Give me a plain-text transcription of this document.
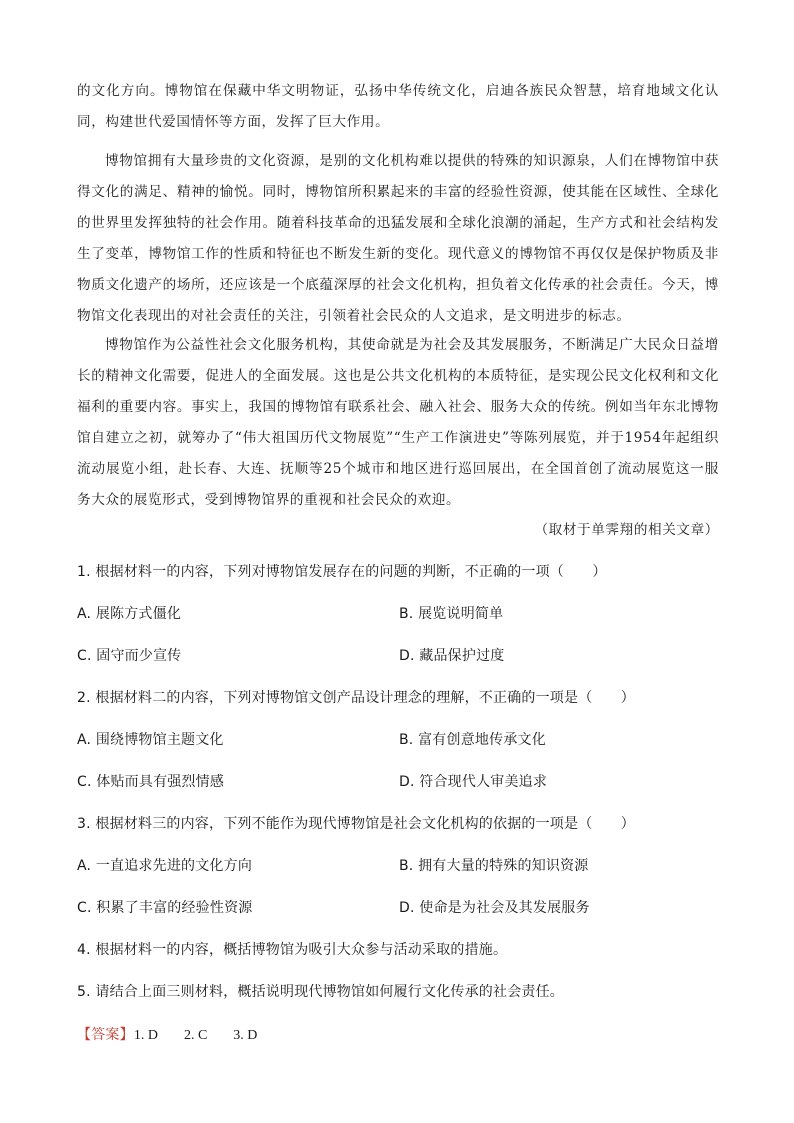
的文化方向。博物馆在保藏中华文明物证，弘扬中华传统文化，启迪各族民众智慧，培育地域文化认同，构建世代爱国情怀等方面，发挥了巨大作用。

博物馆拥有大量珍贵的文化资源，是别的文化机构难以提供的特殊的知识源泉，人们在博物馆中获得文化的满足、精神的愉悦。同时，博物馆所积累起来的丰富的经验性资源，使其能在区域性、全球化的世界里发挥独特的社会作用。随着科技革命的迅猛发展和全球化浪潮的涌起，生产方式和社会结构发生了变革，博物馆工作的性质和特征也不断发生新的变化。现代意义的博物馆不再仅仅是保护物质及非物质文化遗产的场所，还应该是一个底蕴深厚的社会文化机构，担负着文化传承的社会责任。今天，博物馆文化表现出的对社会责任的关注，引领着社会民众的人文追求，是文明进步的标志。

博物馆作为公益性社会文化服务机构，其使命就是为社会及其发展服务，不断满足广大民众日益增长的精神文化需要，促进人的全面发展。这也是公共文化机构的本质特征，是实现公民文化权利和文化福利的重要内容。事实上，我国的博物馆有联系社会、融入社会、服务大众的传统。例如当年东北博物馆自建立之初，就筹办了“伟大祖国历代文物展览”“生产工作演进史”等陈列展览，并于1954年起组织流动展览小组，赴长春、大连、抚顺等25个城市和地区进行巡回展出，在全国首创了流动展览这一服务大众的展览形式，受到博物馆界的重视和社会民众的欢迎。

（取材于单霁翔的相关文章）

1. 根据材料一的内容，下列对博物馆发展存在的问题的判断，不正确的一项（　　）

A. 展陈方式僵化	B. 展览说明简单

C. 固守而少宣传	D. 藏品保护过度

2. 根据材料二的内容，下列对博物馆文创产品设计理念的理解，不正确的一项是（　　）

A. 围绕博物馆主题文化	B. 富有创意地传承文化

C. 体贴而具有强烈情感	D. 符合现代人审美追求

3. 根据材料三的内容，下列不能作为现代博物馆是社会文化机构的依据的一项是（　　）

A. 一直追求先进的文化方向	B. 拥有大量的特殊的知识资源

C. 积累了丰富的经验性资源	D. 使命是为社会及其发展服务

4. 根据材料一的内容，概括博物馆为吸引大众参与活动采取的措施。

5. 请结合上面三则材料，概括说明现代博物馆如何履行文化传承的社会责任。

【答案】1. D 2. C 3. D
